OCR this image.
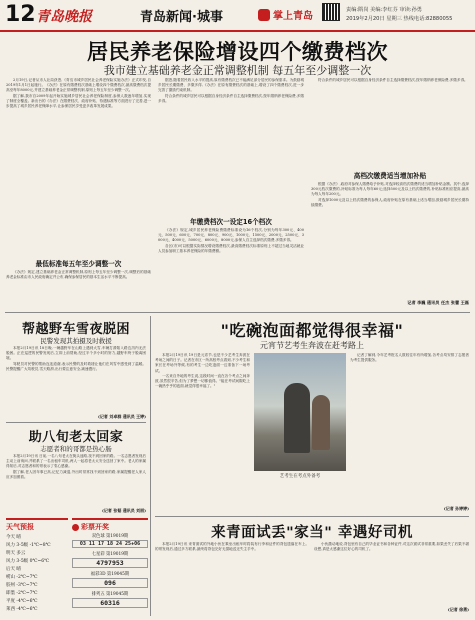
12 青岛晚报	青岛新闻·城事	掌上青岛
责编:隋岗 美编:李红芬 审读:孙勇
2019年2月20日 星期三 热线电话:82880055
居民养老保险增设四个缴费档次
我市建立基础养老金正常调整机制 每五年至少调整一次

2月19日,记者从市人社局获悉,《青岛市城乡居民社会养老保险实施办法》正式印发,自2019年1月1日起施行。《办法》在原有缴费档次基础上增设四个缴费档次,最高缴费档次提高至每年8000元,并建立基础养老金正常调整机制,原则上每五年至少调整一次。

据了解,我市自2009年起开始实施城乡居民社会养老保险制度,参保人数逐年增加,实现了制度全覆盖。新出台的《办法》在缴费档次、政府补贴、待遇标准等方面进行了完善,进一步提高了城乡居民养老保障水平,让参保居民享受更多改革发展成果。

最低标准每五年至少调整一次

《办法》规定,建立基础养老金正常调整机制,原则上每五年至少调整一次,调整后的基础养老金标准由市人民政府确定并公布,确保参保居民的基本生活水平不断提高。

据悉,随着居民收入水平的提高,原有缴费档次已不能满足部分居民的参保需求。为鼓励城乡居民长期缴费、多缴多得,《办法》在原有缴费档次的基础上,增设了四个缴费档次,进一步完善了激励约束机制。

符合条件的城乡居民可以根据自身经济条件自主选择缴费档次,按年缴纳养老保险费,多缴多得。

年缴费档次一设定16个档次

《办法》规定,城乡居民养老保险费缴费标准设为16个档次,分别为每年300元、400元、500元、600元、700元、800元、900元、1000元、1500元、2000元、2500元、3000元、4000元、5000元、6000元、8000元,参保人自主选择档次缴费,多缴多得。

各区(市)可以根据实际情况增设缴费档次,最高缴费档次标准原则上不超过当地灵活就业人员参加职工基本养老保险的年缴费额。

符合条件的城乡居民可以根据自身经济条件自主选择缴费档次,按年缴纳养老保险费,多缴多得。

高档次缴费适当增加补贴

根据《办法》,政府对参保人缴费给予补贴,对选择较高档次缴费的适当增加补贴金额。其中,选择300元档次缴费的,补贴标准为每人每年60元;选择500元及以上档次缴费的,补贴标准相应提高,最高为每人每年200元。

对选择1000元及以上档次缴费的参保人,政府补贴在原有基础上适当增加,鼓励城乡居民长期持续缴费。

记者 李巍 通讯员 任杰 张蕾 王磊
帮越野车雪夜脱困
民警发现其拍摄及时救援

本报2月19日讯 18日晚,一辆越野车在山路上遇到大雪,车辆打滑陷入路边沟内无法脱困。正在巡逻的民警发现后,立即上前帮助,经过半个多小时的努力,越野车终于脱离困境。

驾驶员对民警的帮助连连道谢,表示民警的及时救援让他们在风雪中感受到了温暖。民警提醒广大驾驶员,雪天路滑,出行要注意安全,减速慢行。

(记者 刘卓群 通讯员 王婷)
助八旬老太回家
志愿者和的哥都是热心肠

本报2月19日讯 日前,一名八旬老太在街头迷路,找不到回家的路。一名志愿者发现后主动上前询问,并联系了一名出租车司机,两人一起将老太太安全送回了家中。老人的家属得知后,对志愿者和的哥表示了衷心感谢。

据了解,老人因年事已高,记忆力减退,外出时常常找不到回家的路,家属提醒老人家人应多加照看。

(记者 张韬 通讯员 刘丽)
"吃碗泡面都觉得很幸福"
元宵节艺考生奔波在赶考路上

本报2月19日讯 19日是元宵节,也是不少艺考生奔波在考场之间的日子。记者在市区一所高校考点看到,不少考生和家长在考场外等候,有的考生一边吃泡面一边准备下一场考试。

一名来自外地的考生说,这段时间一直在各个考点之间奔波,虽然很辛苦,但为了梦想一切都值得。"能在考试间隙吃上一碗热乎乎的泡面,就觉得很幸福了。"

艺考生在考点外备考

记者了解到,今年艺考报名人数较往年有所增加,各考点均安排了志愿者为考生提供服务。

(记者 孙婷婷)
天气预报
今天 晴
风力 3-5级 -1℃~8℃
明天 多云
风力 3-5级 0℃~6℃
后天 晴
崂山 -2℃~7℃
胶州 -3℃~7℃
即墨 -2℃~7℃
平度 -4℃~6℃
莱西 -4℃~6℃
彩票开奖
双色球 第19019期
03 11 17 18 24 25+06
七星彩 第19019期
4797953
福彩3D 第19045期
096
排列五 第19045期
60316
来青面试丢"家当" 幸遇好司机

本报2月19日讯 来青面试的外地小伙在乘坐出租车时将装有行李和证件的背包遗落在车上。的哥发现后,通过多方联系,最终将背包完好无损地送还失主手中。

小伙激动地说,背包里有自己的毕业证书和各种证件,对这次面试非常重要,如果丢失了后果不堪设想,真是太感谢这位好心的司机了。

(记者 徐勇)
